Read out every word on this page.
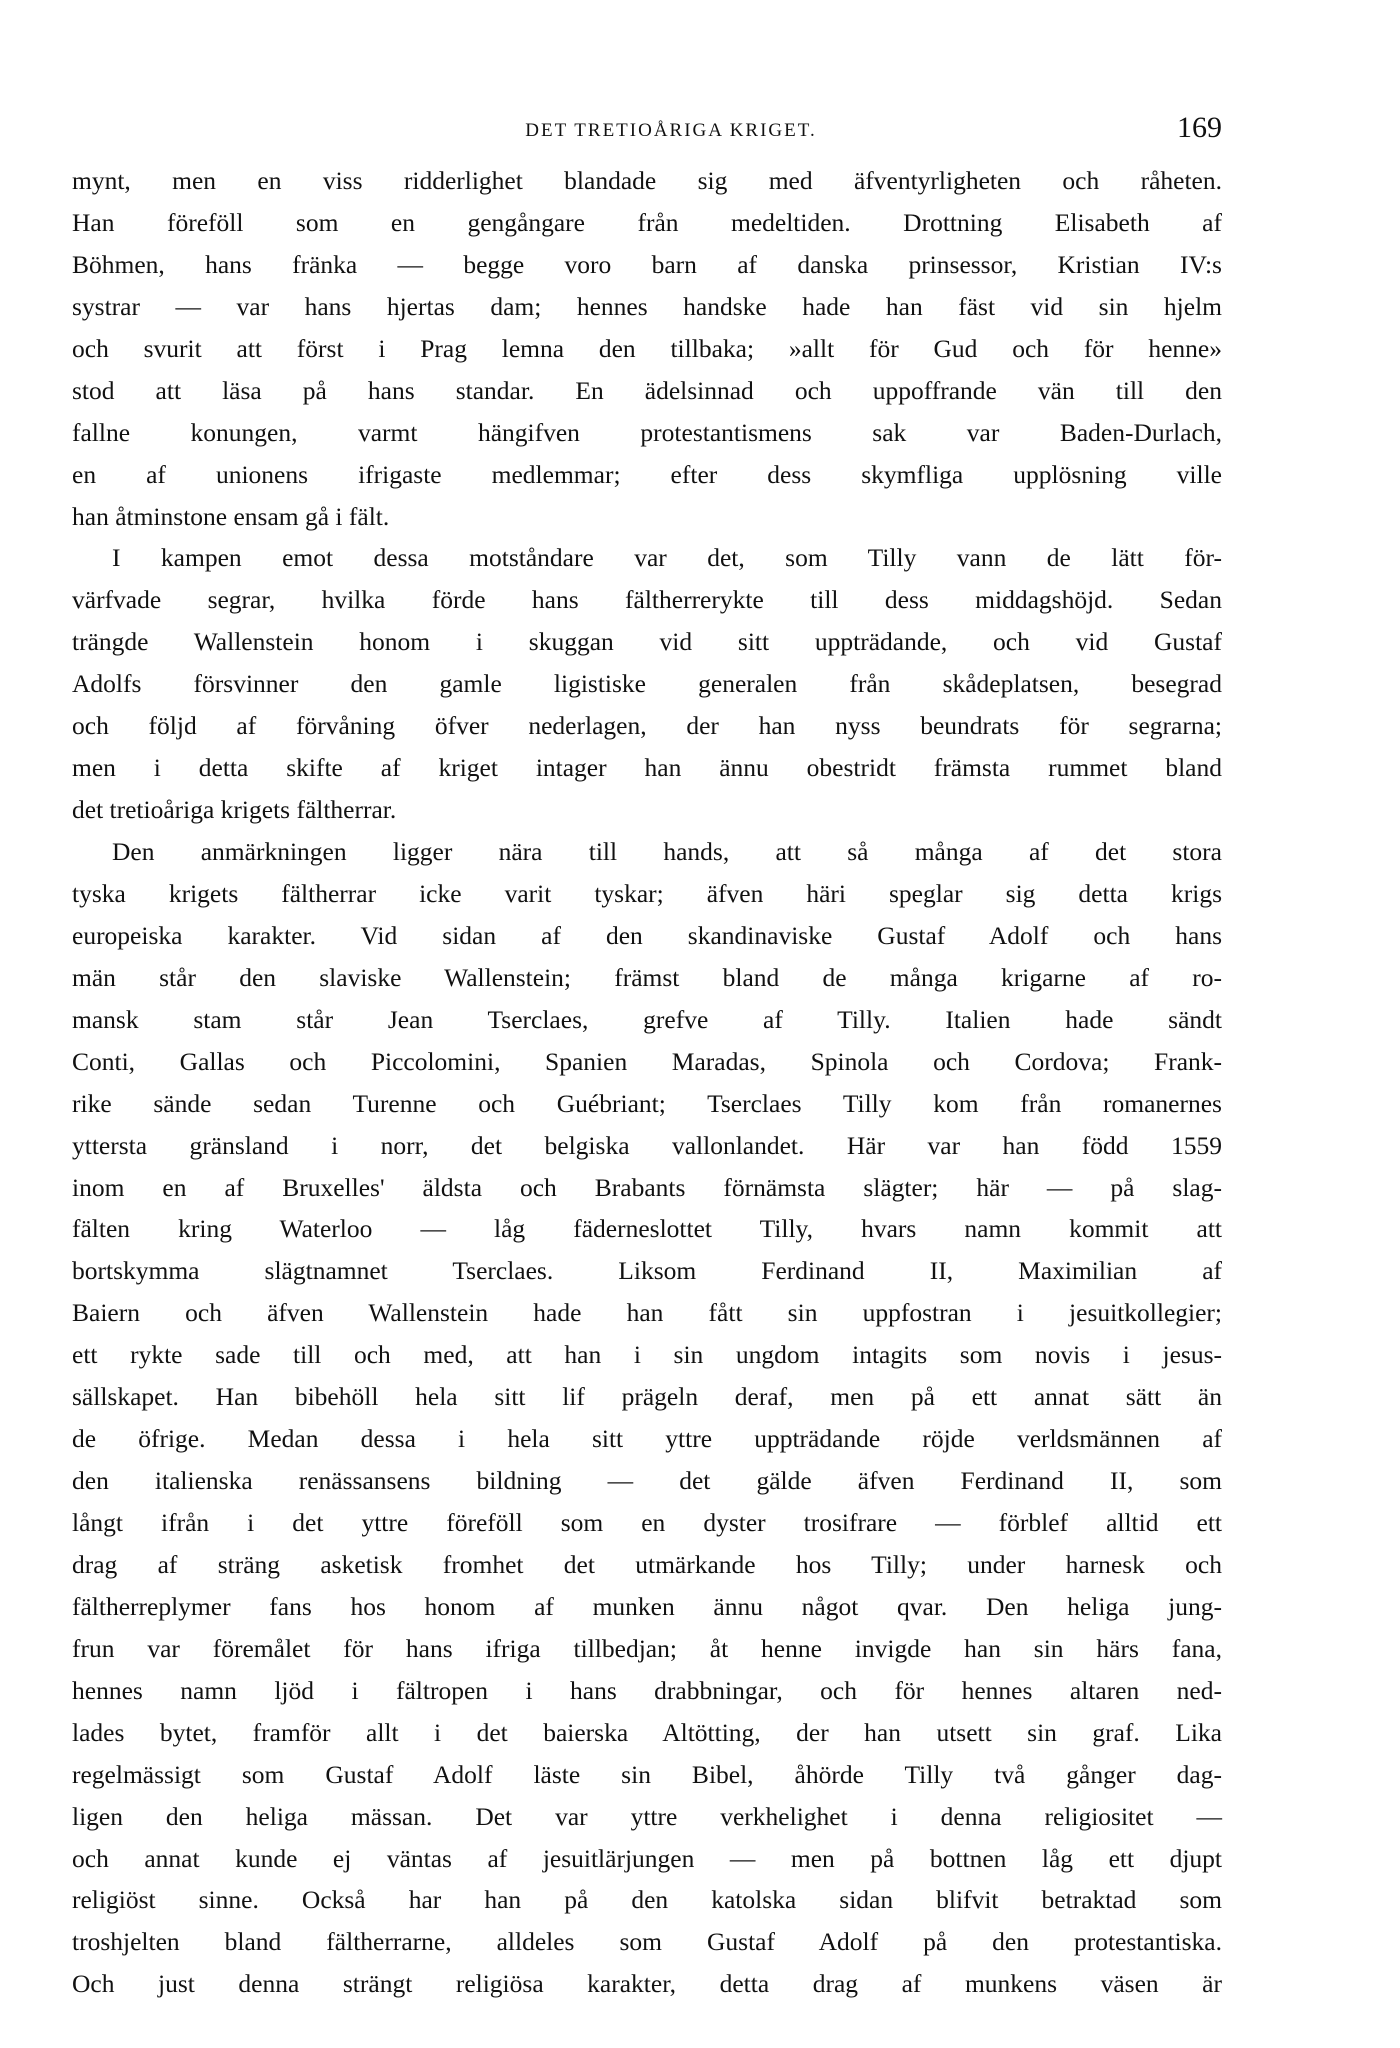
DET TRETIOÅRIGA KRIGET.	169
mynt, men en viss ridderlighet blandade sig med äfventyrligheten och råheten.
Han föreföll som en gengångare från medeltiden. Drottning Elisabeth af
Böhmen, hans fränka — begge voro barn af danska prinsessor, Kristian IV:s
systrar — var hans hjertas dam; hennes handske hade han fäst vid sin hjelm
och svurit att först i Prag lemna den tillbaka; »allt för Gud och för henne»
stod att läsa på hans standar. En ädelsinnad och uppoffrande vän till den
fallne konungen, varmt hängifven protestantismens sak var Baden-Durlach,
en af unionens ifrigaste medlemmar; efter dess skymfliga upplösning ville
han åtminstone ensam gå i fält.
I kampen emot dessa motståndare var det, som Tilly vann de lätt för-
värfvade segrar, hvilka förde hans fältherrerykte till dess middagshöjd. Sedan
trängde Wallenstein honom i skuggan vid sitt uppträdande, och vid Gustaf
Adolfs försvinner den gamle ligistiske generalen från skådeplatsen, besegrad
och följd af förvåning öfver nederlagen, der han nyss beundrats för segrarna;
men i detta skifte af kriget intager han ännu obestridt främsta rummet bland
det tretioåriga krigets fältherrar.
Den anmärkningen ligger nära till hands, att så många af det stora
tyska krigets fältherrar icke varit tyskar; äfven häri speglar sig detta krigs
europeiska karakter. Vid sidan af den skandinaviske Gustaf Adolf och hans
män står den slaviske Wallenstein; främst bland de många krigarne af ro-
mansk stam står Jean Tserclaes, grefve af Tilly. Italien hade sändt
Conti, Gallas och Piccolomini, Spanien Maradas, Spinola och Cordova; Frank-
rike sände sedan Turenne och Guébriant; Tserclaes Tilly kom från romanernes
yttersta gränsland i norr, det belgiska vallonlandet. Här var han född 1559
inom en af Bruxelles' äldsta och Brabants förnämsta slägter; här — på slag-
fälten kring Waterloo — låg fäderneslottet Tilly, hvars namn kommit att
bortskymma slägtnamnet Tserclaes. Liksom Ferdinand II, Maximilian af
Baiern och äfven Wallenstein hade han fått sin uppfostran i jesuitkollegier;
ett rykte sade till och med, att han i sin ungdom intagits som novis i jesus-
sällskapet. Han bibehöll hela sitt lif prägeln deraf, men på ett annat sätt än
de öfrige. Medan dessa i hela sitt yttre uppträdande röjde verldsmännen af
den italienska renässansens bildning — det gälde äfven Ferdinand II, som
långt ifrån i det yttre föreföll som en dyster trosifrare — förblef alltid ett
drag af sträng asketisk fromhet det utmärkande hos Tilly; under harnesk och
fältherreplymer fans hos honom af munken ännu något qvar. Den heliga jung-
frun var föremålet för hans ifriga tillbedjan; åt henne invigde han sin härs fana,
hennes namn ljöd i fältropen i hans drabbningar, och för hennes altaren ned-
lades bytet, framför allt i det baierska Altötting, der han utsett sin graf. Lika
regelmässigt som Gustaf Adolf läste sin Bibel, åhörde Tilly två gånger dag-
ligen den heliga mässan. Det var yttre verkhelighet i denna religiositet —
och annat kunde ej väntas af jesuitlärjungen — men på bottnen låg ett djupt
religiöst sinne. Också har han på den katolska sidan blifvit betraktad som
troshjelten bland fältherrarne, alldeles som Gustaf Adolf på den protestantiska.
Och just denna strängt religiösa karakter, detta drag af munkens väsen är
